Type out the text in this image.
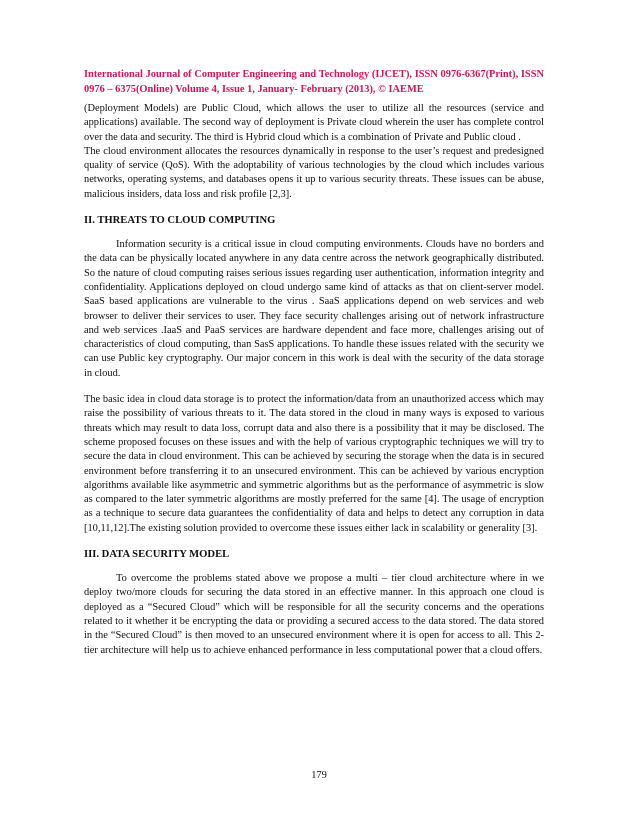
International Journal of Computer Engineering and Technology (IJCET), ISSN 0976-6367(Print), ISSN 0976 – 6375(Online) Volume 4, Issue 1, January- February (2013), © IAEME

(Deployment Models) are Public Cloud, which allows the user to utilize all the resources (service and applications) available. The second way of deployment is Private cloud wherein the user has complete control over the data and security. The third is Hybrid cloud which is a combination of Private and Public cloud .

The cloud environment allocates the resources dynamically in response to the user’s request and predesigned quality of service (QoS). With the adoptability of various technologies by the cloud which includes various networks, operating systems, and databases opens it up to various security threats. These issues can be abuse, malicious insiders, data loss and risk profile [2,3].

II. THREATS TO CLOUD COMPUTING

Information security is a critical issue in cloud computing environments. Clouds have no borders and the data can be physically located anywhere in any data centre across the network geographically distributed. So the nature of cloud computing raises serious issues regarding user authentication, information integrity and confidentiality. Applications deployed on cloud undergo same kind of attacks as that on client-server model. SaaS based applications are vulnerable to the virus . SaaS applications depend on web services and web browser to deliver their services to user. They face security challenges arising out of network infrastructure and web services .IaaS and PaaS services are hardware dependent and face more, challenges arising out of characteristics of cloud computing, than SasS applications. To handle these issues related with the security we can use Public key cryptography. Our major concern in this work is deal with the security of the data storage in cloud.

The basic idea in cloud data storage is to protect the information/data from an unauthorized access which may raise the possibility of various threats to it. The data stored in the cloud in many ways is exposed to various threats which may result to data loss, corrupt data and also there is a possibility that it may be disclosed. The scheme proposed focuses on these issues and with the help of various cryptographic techniques we will try to secure the data in cloud environment. This can be achieved by securing the storage when the data is in secured environment before transferring it to an unsecured environment. This can be achieved by various encryption algorithms available like asymmetric and symmetric algorithms but as the performance of asymmetric is slow as compared to the later symmetric algorithms are mostly preferred for the same [4]. The usage of encryption as a technique to secure data guarantees the confidentiality of data and helps to detect any corruption in data [10,11,12].The existing solution provided to overcome these issues either lack in scalability or generality [3].

III. DATA SECURITY MODEL

To overcome the problems stated above we propose a multi – tier cloud architecture where in we deploy two/more clouds for securing the data stored in an effective manner. In this approach one cloud is deployed as a “Secured Cloud” which will be responsible for all the security concerns and the operations related to it whether it be encrypting the data or providing a secured access to the data stored. The data stored in the “Secured Cloud” is then moved to an unsecured environment where it is open for access to all. This 2-tier architecture will help us to achieve enhanced performance in less computational power that a cloud offers.

179
